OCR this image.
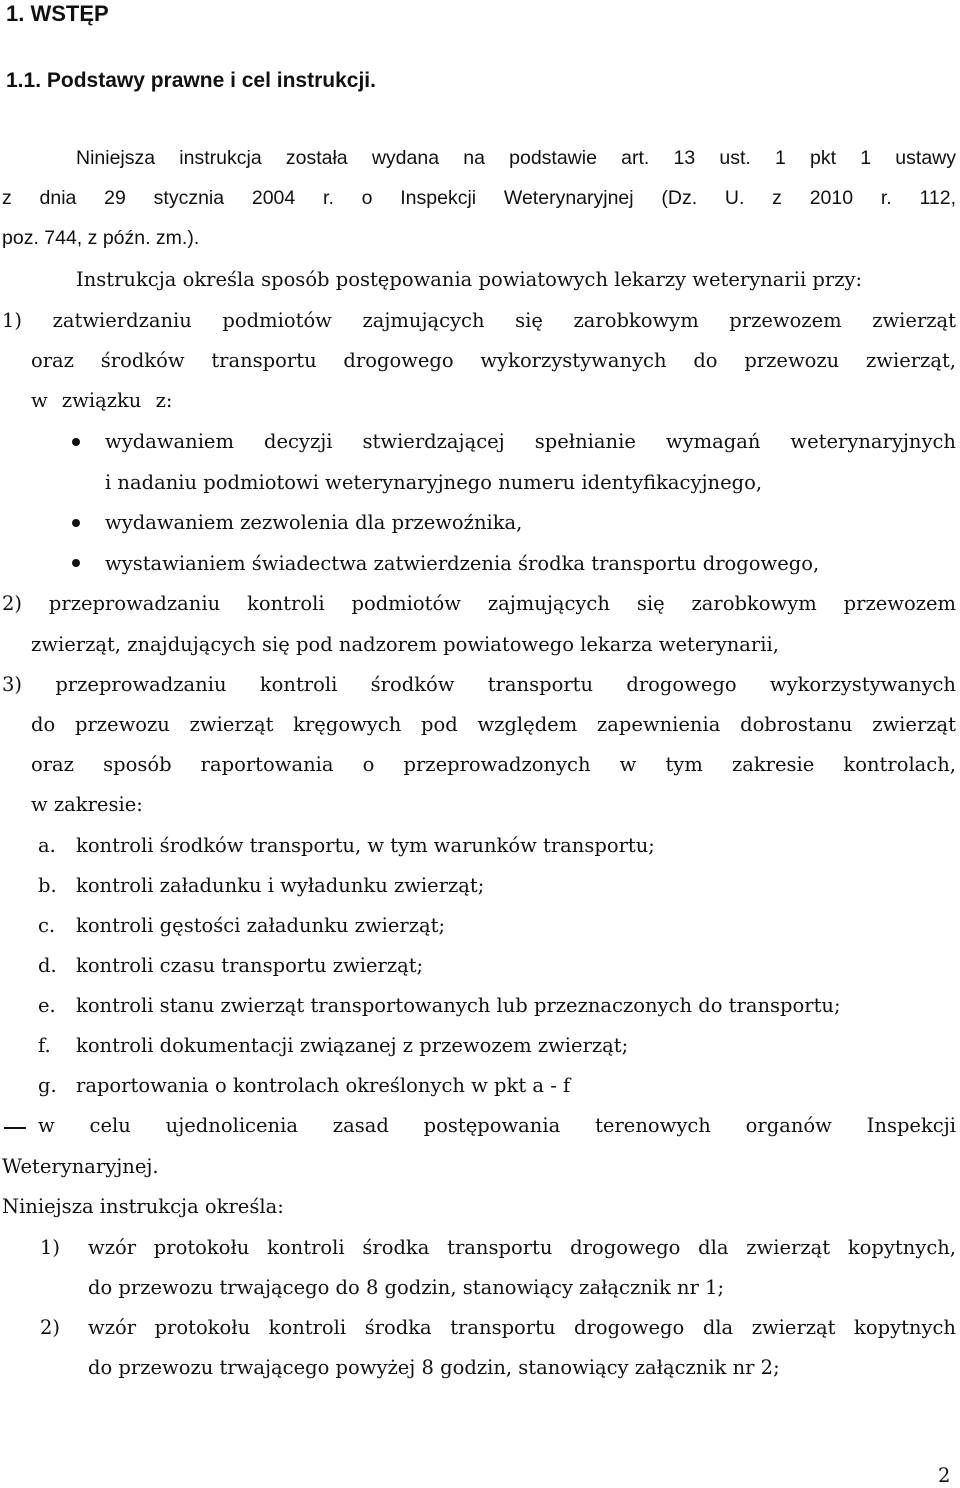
1. WSTĘP
1.1. Podstawy prawne i cel instrukcji.
Niniejsza instrukcja została wydana na podstawie art. 13 ust. 1 pkt 1 ustawy
z dnia 29 stycznia 2004 r. o Inspekcji Weterynaryjnej (Dz. U. z 2010 r. 112,
poz. 744, z późn. zm.).
Instrukcja określa sposób postępowania powiatowych lekarzy weterynarii przy:
1) zatwierdzaniu podmiotów zajmujących się zarobkowym przewozem zwierząt
oraz środków transportu drogowego wykorzystywanych do przewozu zwierząt,
w związku z:
wydawaniem decyzji stwierdzającej spełnianie wymagań weterynaryjnych
i nadaniu podmiotowi weterynaryjnego numeru identyfikacyjnego,
wydawaniem zezwolenia dla przewoźnika,
wystawianiem świadectwa zatwierdzenia środka transportu drogowego,
2) przeprowadzaniu kontroli podmiotów zajmujących się zarobkowym przewozem
zwierząt, znajdujących się pod nadzorem powiatowego lekarza weterynarii,
3) przeprowadzaniu kontroli środków transportu drogowego wykorzystywanych
do przewozu zwierząt kręgowych pod względem zapewnienia dobrostanu zwierząt
oraz sposób raportowania o przeprowadzonych w tym zakresie kontrolach,
w zakresie:
a. kontroli środków transportu, w tym warunków transportu;
b. kontroli załadunku i wyładunku zwierząt;
c. kontroli gęstości załadunku zwierząt;
d. kontroli czasu transportu zwierząt;
e. kontroli stanu zwierząt transportowanych lub przeznaczonych do transportu;
f. kontroli dokumentacji związanej z przewozem zwierząt;
g. raportowania o kontrolach określonych w pkt a - f
w celu ujednolicenia zasad postępowania terenowych organów Inspekcji
Weterynaryjnej.
Niniejsza instrukcja określa:
1) wzór protokołu kontroli środka transportu drogowego dla zwierząt kopytnych,
do przewozu trwającego do 8 godzin, stanowiący załącznik nr 1;
2) wzór protokołu kontroli środka transportu drogowego dla zwierząt kopytnych
do przewozu trwającego powyżej 8 godzin, stanowiący załącznik nr 2;
2
